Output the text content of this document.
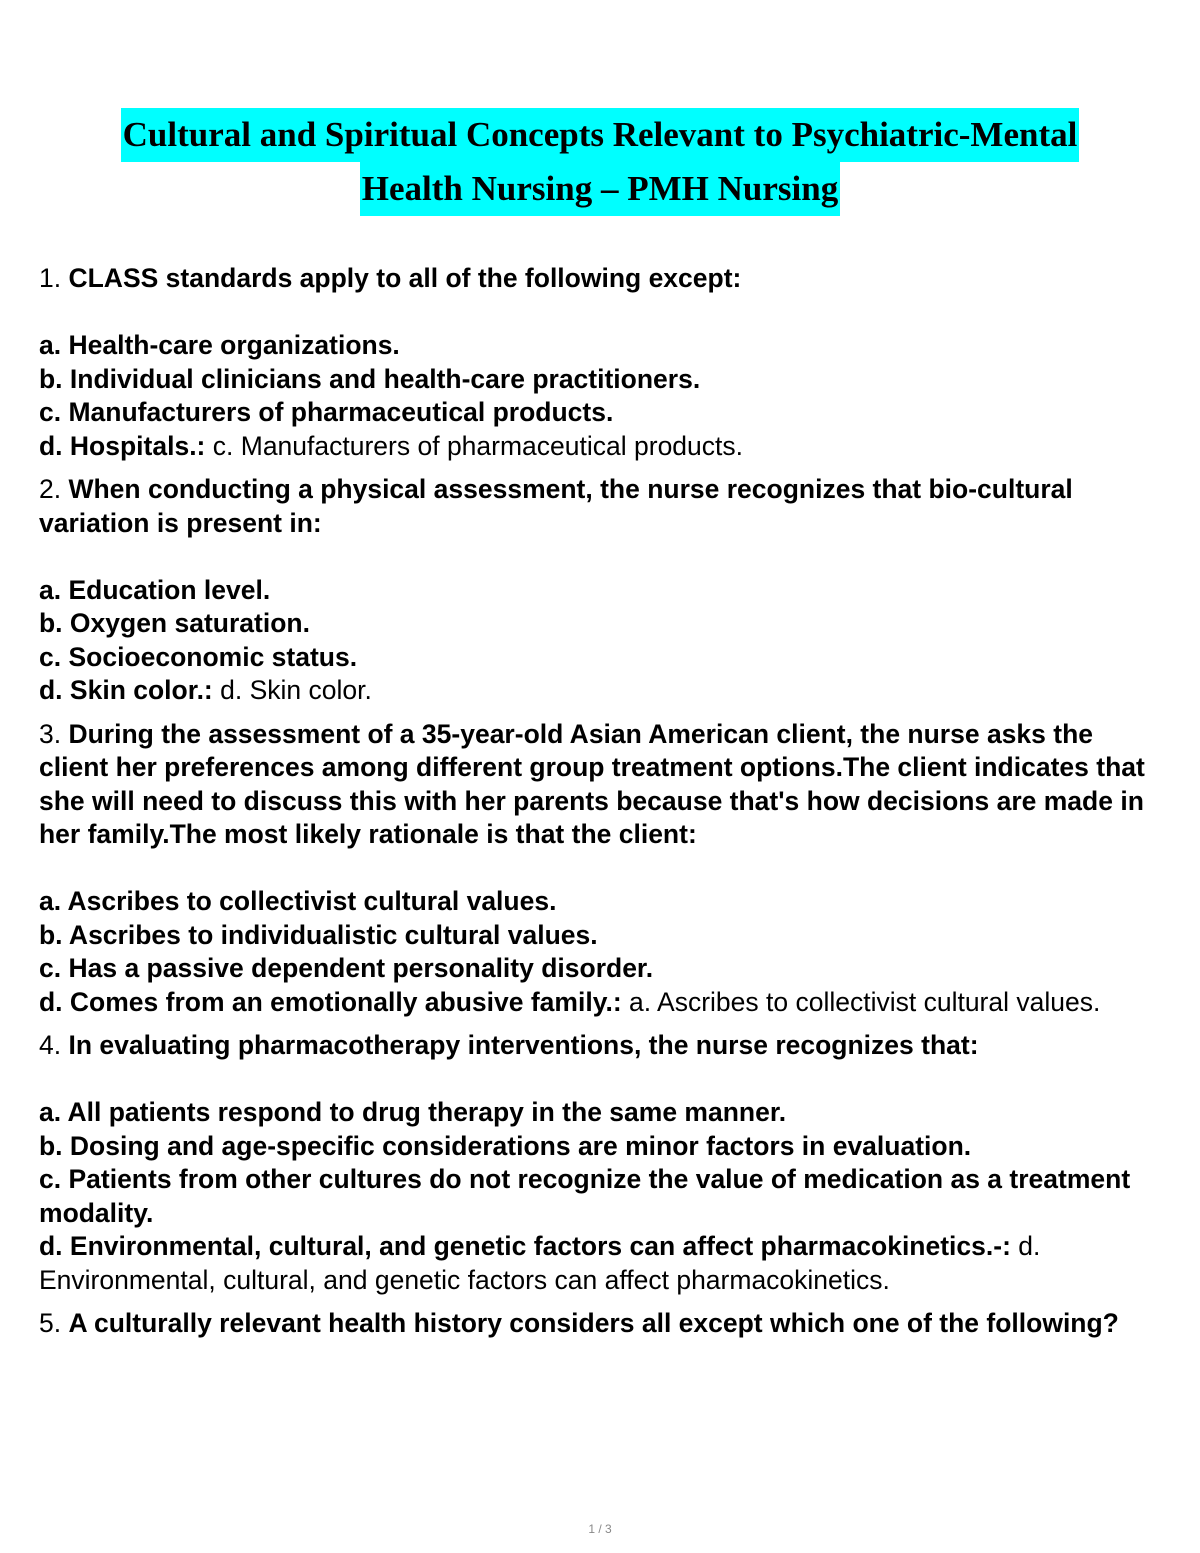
Cultural and Spiritual Concepts Relevant to Psychiatric-Mental
Health Nursing – PMH Nursing

1. CLASS standards apply to all of the following except:

a. Health-care organizations.

b. Individual clinicians and health-care practitioners.

c. Manufacturers of pharmaceutical products.

d. Hospitals.: c. Manufacturers of pharmaceutical products.

2. When conducting a physical assessment, the nurse recognizes that bio-cultural variation is present in:

a. Education level.

b. Oxygen saturation.

c. Socioeconomic status.

d. Skin color.: d. Skin color.

3. During the assessment of a 35-year-old Asian American client, the nurse asks the client her preferences among different group treatment options.The client indicates that she will need to discuss this with her parents because that's how decisions are made in her family.The most likely rationale is that the client:

a. Ascribes to collectivist cultural values.

b. Ascribes to individualistic cultural values.

c. Has a passive dependent personality disorder.

d. Comes from an emotionally abusive family.: a. Ascribes to collectivist cultural values.

4. In evaluating pharmacotherapy interventions, the nurse recognizes that:

a. All patients respond to drug therapy in the same manner.

b. Dosing and age-specific considerations are minor factors in evaluation.

c. Patients from other cultures do not recognize the value of medication as a treatment modality.

d. Environmental, cultural, and genetic factors can affect pharmacokinetics.-: d. Environmental, cultural, and genetic factors can affect pharmacokinetics.

5. A culturally relevant health history considers all except which one of the following?

1 / 3
